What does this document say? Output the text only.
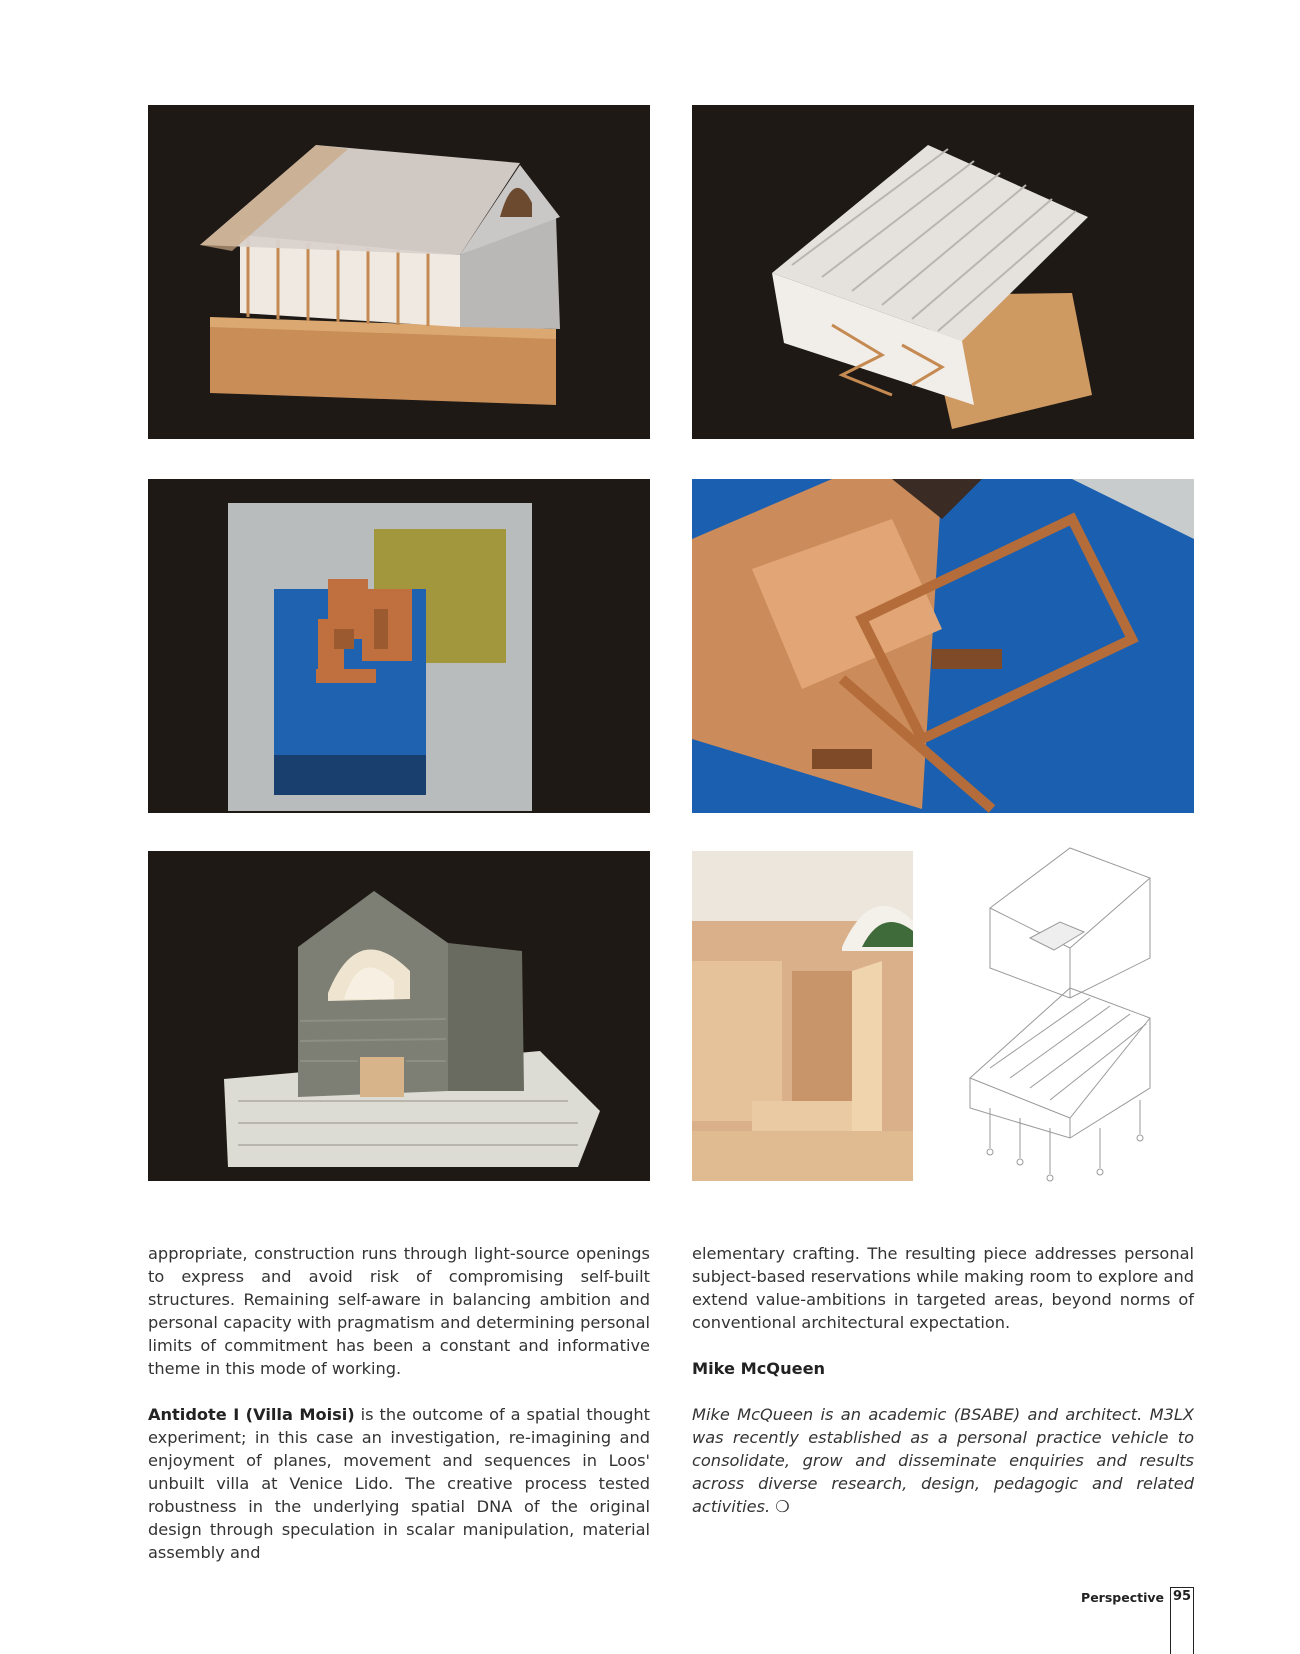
appropriate, construction runs through light-source openings to express and avoid risk of compromising self-built structures. Remaining self-aware in balancing ambition and personal capacity with pragmatism and determining personal limits of commitment has been a constant and informative theme in this mode of working.

Antidote I (Villa Moisi) is the outcome of a spatial thought experiment; in this case an investigation, re-imagining and enjoyment of planes, movement and sequences in Loos' unbuilt villa at Venice Lido. The creative process tested robustness in the underlying spatial DNA of the original design through speculation in scalar manipulation, material assembly and

elementary crafting. The resulting piece addresses personal subject-based reservations while making room to explore and extend value-ambitions in targeted areas, beyond norms of conventional architectural expectation.

Mike McQueen

Mike McQueen is an academic (BSABE) and architect. M3LX was recently established as a personal practice vehicle to consolidate, grow and disseminate enquiries and results across diverse research, design, pedagogic and related activities. ❍

Perspective 95
